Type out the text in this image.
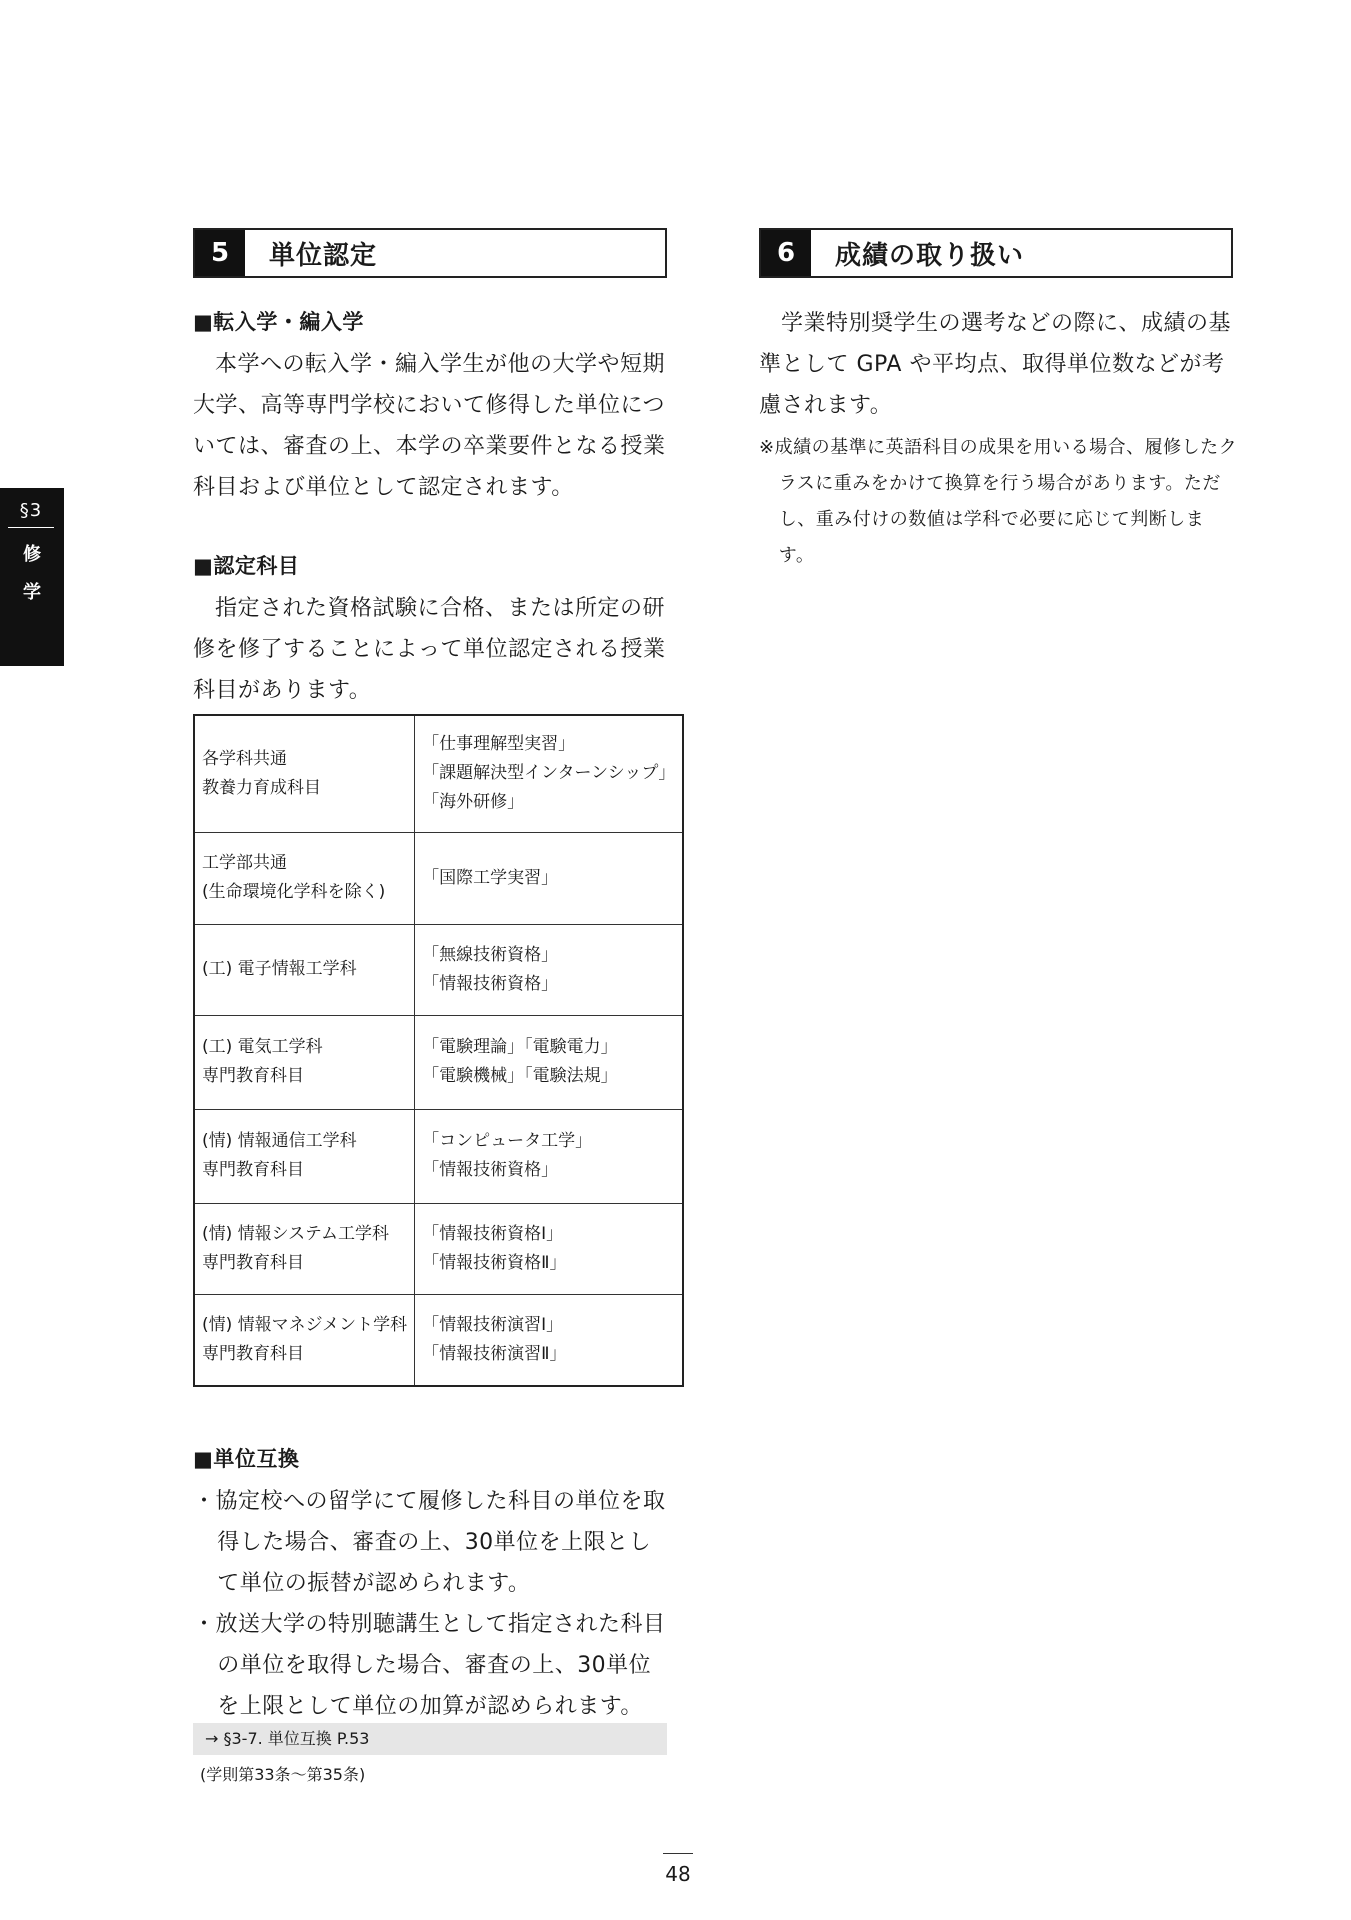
§3
修
学
5	単位認定	6	成績の取り扱い

■転入学・編入学

本学への転入学・編入学生が他の大学や短期

大学、高等専門学校において修得した単位につ

いては、審査の上、本学の卒業要件となる授業

科目および単位として認定されます。

■認定科目

指定された資格試験に合格、または所定の研

修を修了することによって単位認定される授業

科目があります。

各学科共通
教養力育成科目	「仕事理解型実習」
「課題解決型インターンシップ」
「海外研修」

工学部共通
(生命環境化学科を除く)	「国際工学実習」

(工) 電子情報工学科	「無線技術資格」
「情報技術資格」

(工) 電気工学科
専門教育科目	「電験理論」「電験電力」
「電験機械」「電験法規」

(情) 情報通信工学科
専門教育科目	「コンピュータ工学」
「情報技術資格」

(情) 情報システム工学科
専門教育科目	「情報技術資格Ⅰ」
「情報技術資格Ⅱ」

(情) 情報マネジメント学科
専門教育科目	「情報技術演習Ⅰ」
「情報技術演習Ⅱ」

■単位互換

・協定校への留学にて履修した科目の単位を取得した場合、審査の上、30単位を上限として単位の振替が認められます。

・放送大学の特別聴講生として指定された科目の単位を取得した場合、審査の上、30単位を上限として単位の加算が認められます。

→ §3-7. 単位互換 P.53
(学則第33条〜第35条)

学業特別奨学生の選考などの際に、成績の基

準として GPA や平均点、取得単位数などが考

慮されます。

※成績の基準に英語科目の成果を用いる場合、履修したクラスに重みをかけて換算を行う場合があります。ただし、重み付けの数値は学科で必要に応じて判断します。

48
